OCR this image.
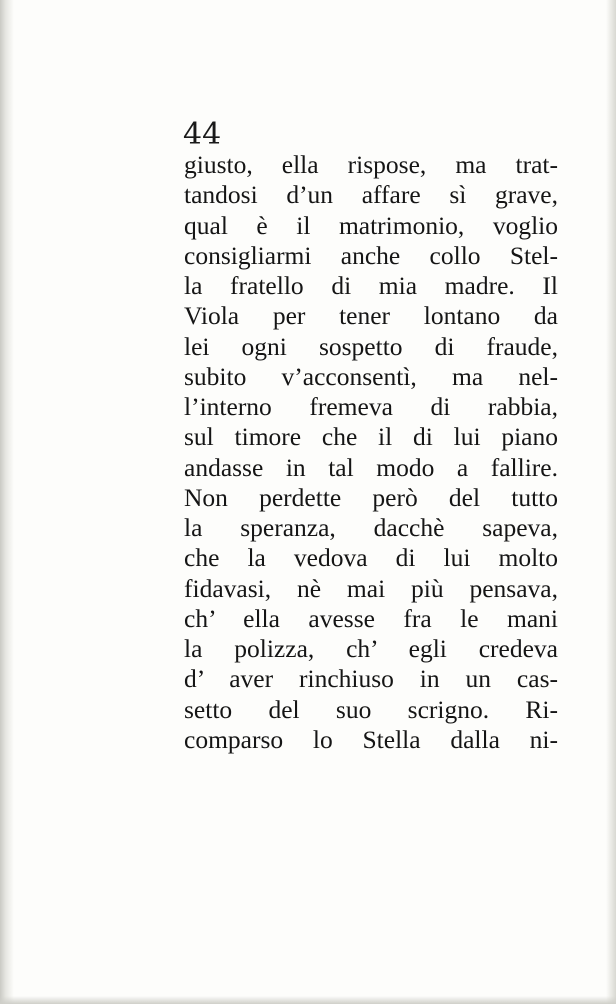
44
giusto, ella rispose, ma trat-
tandosi d’un affare sì grave,
qual è il matrimonio, voglio
consigliarmi anche collo Stel-
la fratello di mia madre. Il
Viola per tener lontano da
lei ogni sospetto di fraude,
subito v’acconsentì, ma nel-
l’interno fremeva di rabbia,
sul timore che il di lui piano
andasse in tal modo a fallire.
Non perdette però del tutto
la speranza, dacchè sapeva,
che la vedova di lui molto
fidavasi, nè mai più pensava,
ch’ ella avesse fra le mani
la polizza, ch’ egli credeva
d’ aver rinchiuso in un cas-
setto del suo scrigno. Ri-
comparso lo Stella dalla ni-
